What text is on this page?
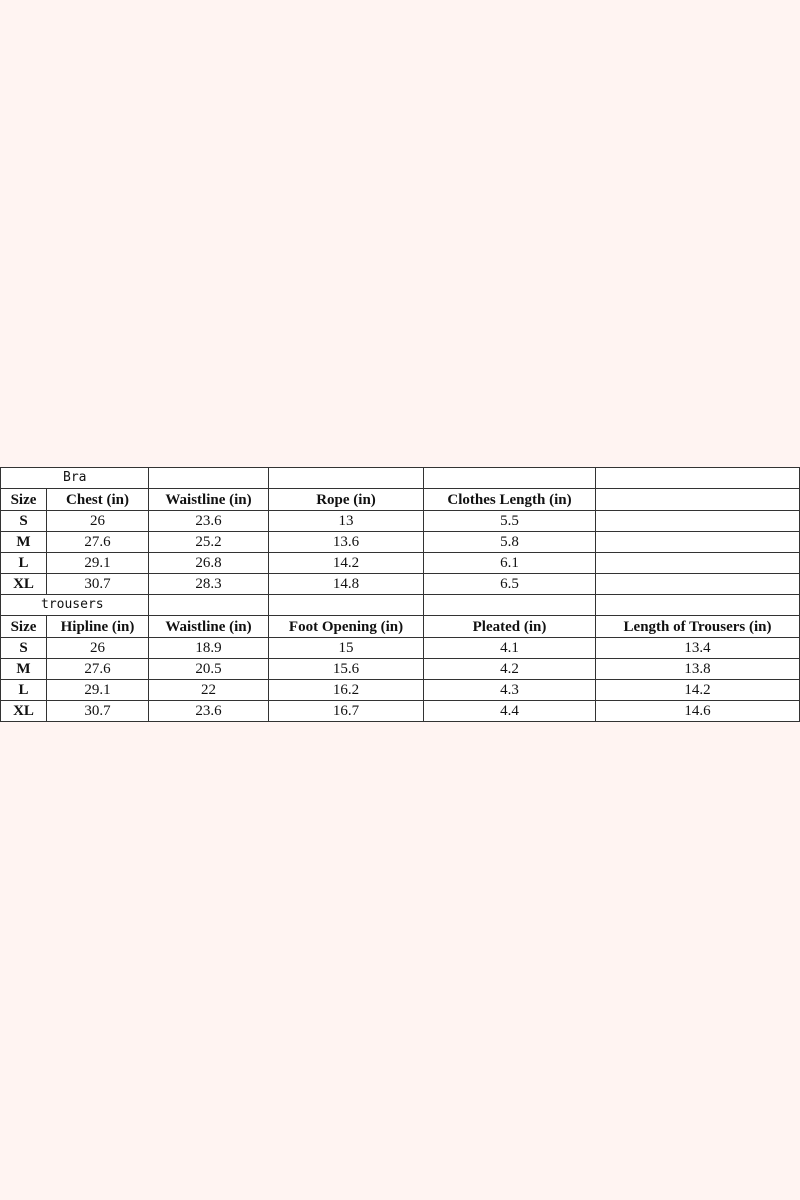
Bra					
Size	Chest (in)	Waistline (in)	Rope (in)	Clothes Length (in)	
S	26	23.6	13	5.5	
M	27.6	25.2	13.6	5.8	
L	29.1	26.8	14.2	6.1	
XL	30.7	28.3	14.8	6.5	
trousers					
Size	Hipline (in)	Waistline (in)	Foot Opening (in)	Pleated (in)	Length of Trousers (in)
S	26	18.9	15	4.1	13.4
M	27.6	20.5	15.6	4.2	13.8
L	29.1	22	16.2	4.3	14.2
XL	30.7	23.6	16.7	4.4	14.6
